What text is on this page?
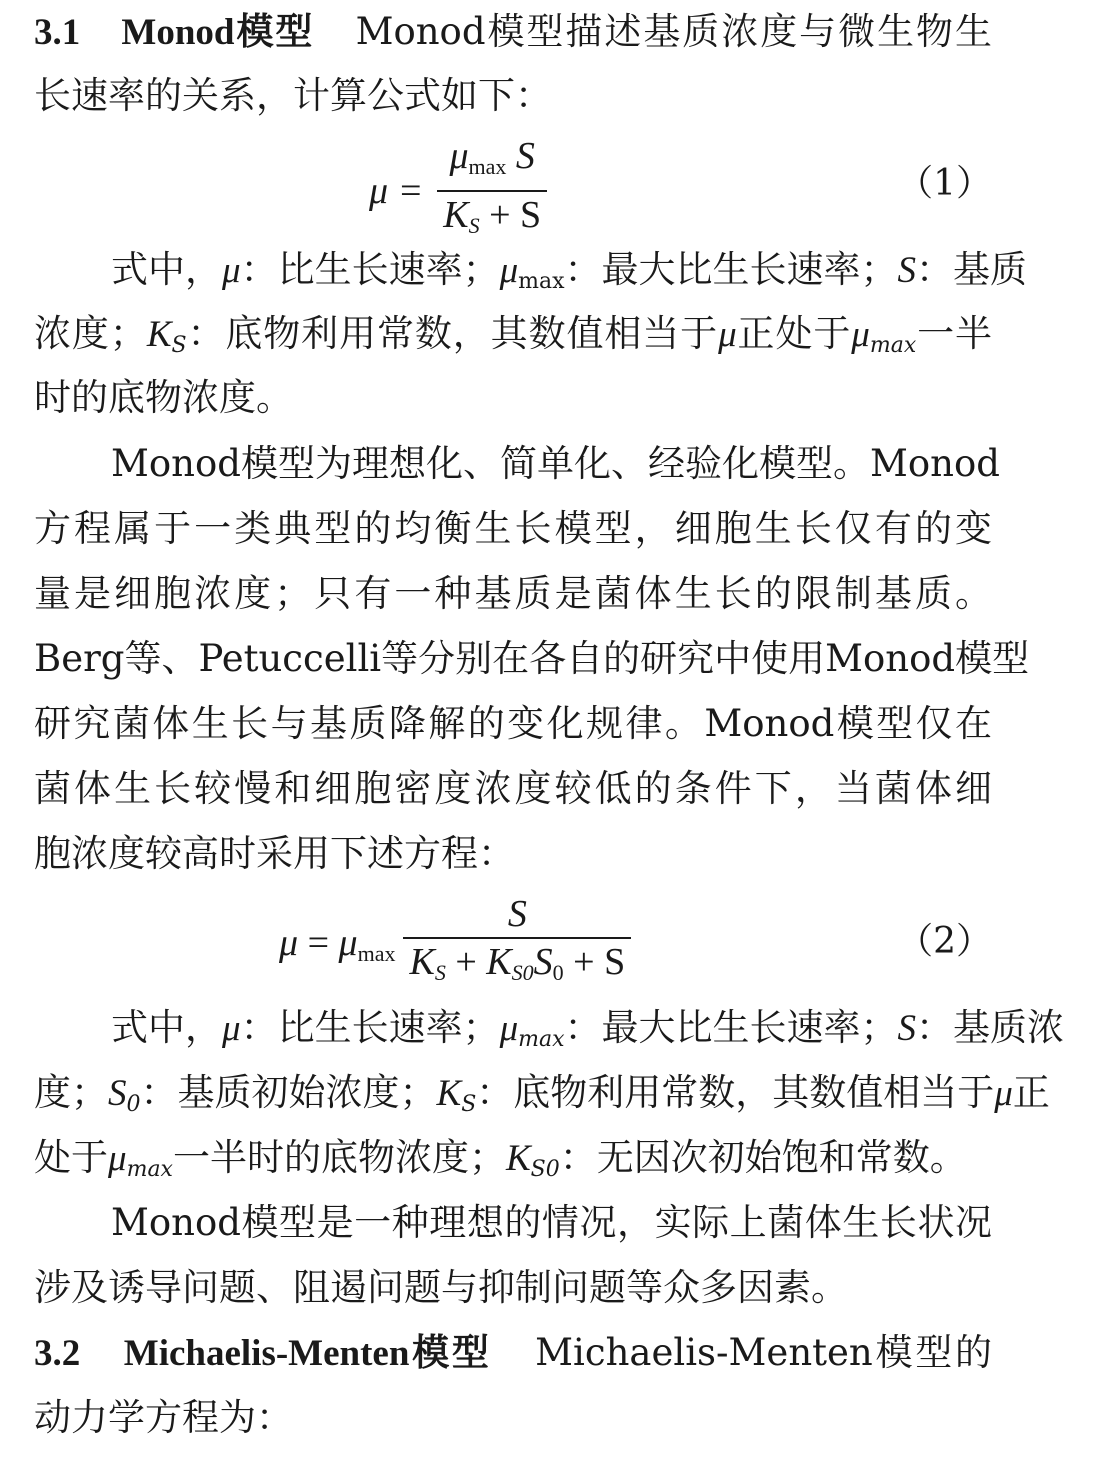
3.1 Monod模型 Monod模型描述基质浓度与微生物生
长速率的关系，计算公式如下：
$\mu = \frac{\mu_{max} S}{KS + S}$	（1）
式中，μ：比生长速率；$\mu_{max}$：最大比生长速率；S：基质
浓度；KS：底物利用常数，其数值相当于μ正处于μmax一半
时的底物浓度。
Monod模型为理想化、简单化、经验化模型。Monod
方程属于一类典型的均衡生长模型，细胞生长仅有的变
量是细胞浓度；只有一种基质是菌体生长的限制基质。
Berg等、Petuccelli等分别在各自的研究中使用Monod模型
研究菌体生长与基质降解的变化规律。Monod模型仅在
菌体生长较慢和细胞密度浓度较低的条件下，当菌体细
胞浓度较高时采用下述方程：
$\mu = \mu_{max} \frac{S}{KS + KS0S_0 + S}$	（2）
式中，μ：比生长速率；μmax：最大比生长速率；S：基质浓
度；S0：基质初始浓度；KS：底物利用常数，其数值相当于μ正
处于μmax一半时的底物浓度；KS0：无因次初始饱和常数。
Monod模型是一种理想的情况，实际上菌体生长状况
涉及诱导问题、阻遏问题与抑制问题等众多因素。
3.2 Michaelis-Menten模型 Michaelis-Menten模型的
动力学方程为：
